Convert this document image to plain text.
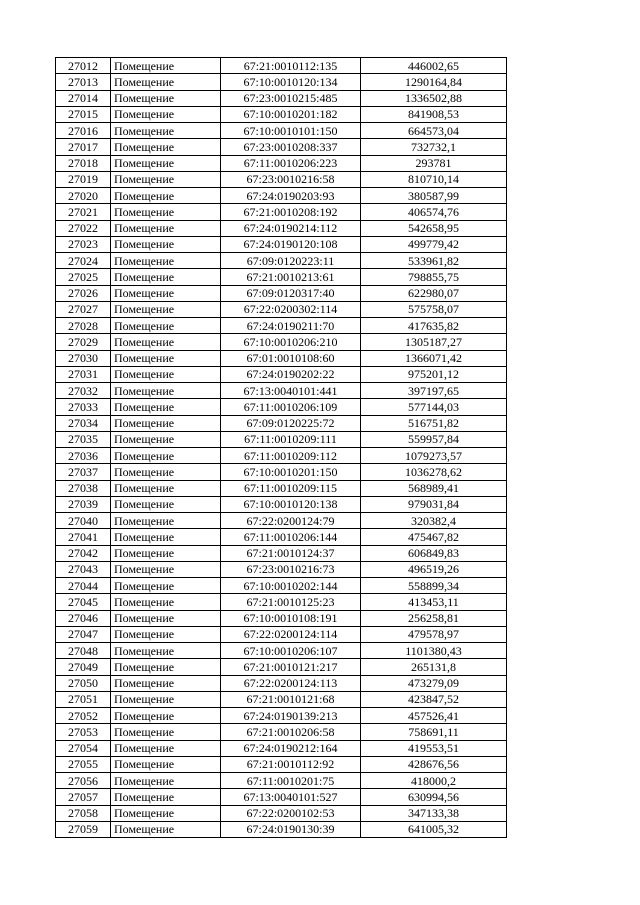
27012	Помещение	67:21:0010112:135	446002,65
27013	Помещение	67:10:0010120:134	1290164,84
27014	Помещение	67:23:0010215:485	1336502,88
27015	Помещение	67:10:0010201:182	841908,53
27016	Помещение	67:10:0010101:150	664573,04
27017	Помещение	67:23:0010208:337	732732,1
27018	Помещение	67:11:0010206:223	293781
27019	Помещение	67:23:0010216:58	810710,14
27020	Помещение	67:24:0190203:93	380587,99
27021	Помещение	67:21:0010208:192	406574,76
27022	Помещение	67:24:0190214:112	542658,95
27023	Помещение	67:24:0190120:108	499779,42
27024	Помещение	67:09:0120223:11	533961,82
27025	Помещение	67:21:0010213:61	798855,75
27026	Помещение	67:09:0120317:40	622980,07
27027	Помещение	67:22:0200302:114	575758,07
27028	Помещение	67:24:0190211:70	417635,82
27029	Помещение	67:10:0010206:210	1305187,27
27030	Помещение	67:01:0010108:60	1366071,42
27031	Помещение	67:24:0190202:22	975201,12
27032	Помещение	67:13:0040101:441	397197,65
27033	Помещение	67:11:0010206:109	577144,03
27034	Помещение	67:09:0120225:72	516751,82
27035	Помещение	67:11:0010209:111	559957,84
27036	Помещение	67:11:0010209:112	1079273,57
27037	Помещение	67:10:0010201:150	1036278,62
27038	Помещение	67:11:0010209:115	568989,41
27039	Помещение	67:10:0010120:138	979031,84
27040	Помещение	67:22:0200124:79	320382,4
27041	Помещение	67:11:0010206:144	475467,82
27042	Помещение	67:21:0010124:37	606849,83
27043	Помещение	67:23:0010216:73	496519,26
27044	Помещение	67:10:0010202:144	558899,34
27045	Помещение	67:21:0010125:23	413453,11
27046	Помещение	67:10:0010108:191	256258,81
27047	Помещение	67:22:0200124:114	479578,97
27048	Помещение	67:10:0010206:107	1101380,43
27049	Помещение	67:21:0010121:217	265131,8
27050	Помещение	67:22:0200124:113	473279,09
27051	Помещение	67:21:0010121:68	423847,52
27052	Помещение	67:24:0190139:213	457526,41
27053	Помещение	67:21:0010206:58	758691,11
27054	Помещение	67:24:0190212:164	419553,51
27055	Помещение	67:21:0010112:92	428676,56
27056	Помещение	67:11:0010201:75	418000,2
27057	Помещение	67:13:0040101:527	630994,56
27058	Помещение	67:22:0200102:53	347133,38
27059	Помещение	67:24:0190130:39	641005,32
